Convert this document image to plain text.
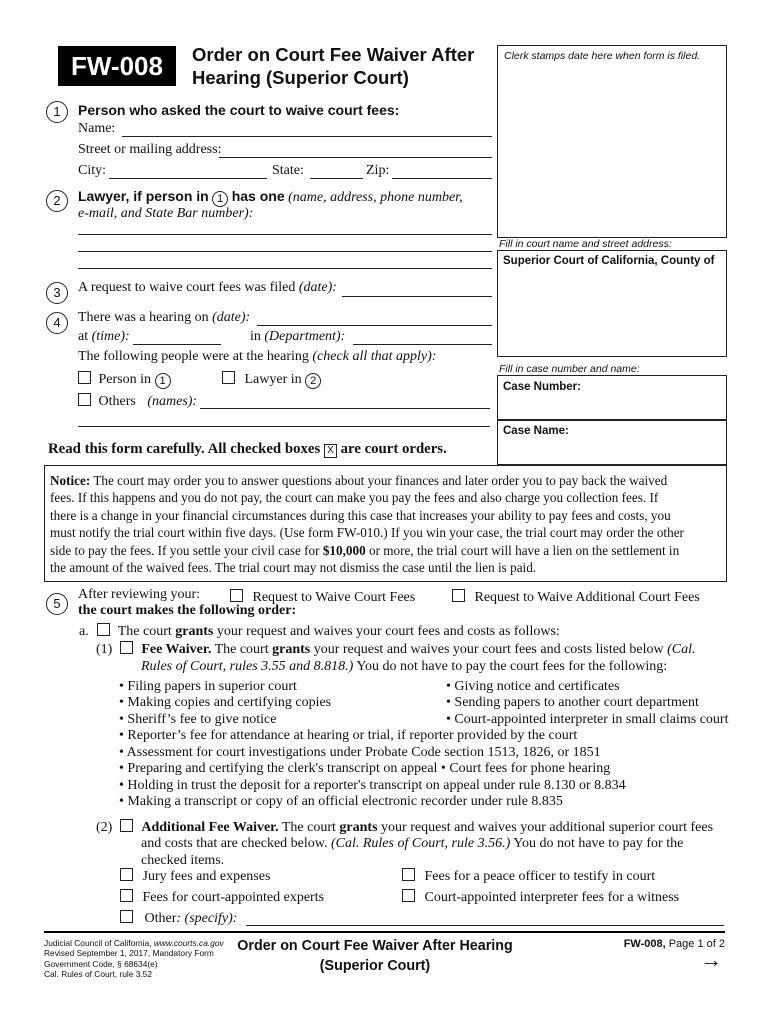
FW-008	Order on Court Fee Waiver After
Hearing (Superior Court)
Clerk stamps date here when form is filed.
Fill in court name and street address:
Superior Court of California, County of
Fill in case number and name:
Case Number:
Case Name:
1	Person who asked the court to waive court fees:
Name:
Street or mailing address:
City:	State:	Zip:
2	Lawyer, if person in 1 has one (name, address, phone number,
e-mail, and State Bar number):
3	A request to waive court fees was filed (date):
4	There was a hearing on (date):
at (time):	in (Department):
The following people were at the hearing (check all that apply):
Person in 1	Lawyer in 2
Others (names):
Read this form carefully. All checked boxes X are court orders.
Notice: The court may order you to answer questions about your finances and later order you to pay back the waived
fees. If this happens and you do not pay, the court can make you pay the fees and also charge you collection fees. If
there is a change in your financial circumstances during this case that increases your ability to pay fees and costs, you
must notify the trial court within five days. (Use form FW-010.) If you win your case, the trial court may order the other
side to pay the fees. If you settle your civil case for $10,000 or more, the trial court will have a lien on the settlement in
the amount of the waived fees. The trial court may not dismiss the case until the lien is paid.
5
After reviewing your:	Request to Waive Court Fees	Request to Waive Additional Court Fees
the court makes the following order:
a. The court grants your request and waives your court fees and costs as follows:
(1) Fee Waiver. The court grants your request and waives your court fees and costs listed below (Cal.
Rules of Court, rules 3.55 and 8.818.) You do not have to pay the court fees for the following:
• Filing papers in superior court
• Making copies and certifying copies
• Sheriff’s fee to give notice
• Giving notice and certificates
• Sending papers to another court department
• Court-appointed interpreter in small claims court
• Reporter’s fee for attendance at hearing or trial, if reporter provided by the court
• Assessment for court investigations under Probate Code section 1513, 1826, or 1851
• Preparing and certifying the clerk's transcript on appeal • Court fees for phone hearing
• Holding in trust the deposit for a reporter's transcript on appeal under rule 8.130 or 8.834
• Making a transcript or copy of an official electronic recorder under rule 8.835
(2) Additional Fee Waiver. The court grants your request and waives your additional superior court fees
and costs that are checked below. (Cal. Rules of Court, rule 3.56.) You do not have to pay for the
checked items.
Jury fees and expenses	Fees for a peace officer to testify in court
Fees for court-appointed experts	Court-appointed interpreter fees for a witness
Other: (specify):
Judicial Council of California, www.courts.ca.gov
Revised September 1, 2017, Mandatory Form
Government Code, § 68634(e)
Cal. Rules of Court, rule 3.52
Order on Court Fee Waiver After Hearing
(Superior Court)
FW-008, Page 1 of 2
→
